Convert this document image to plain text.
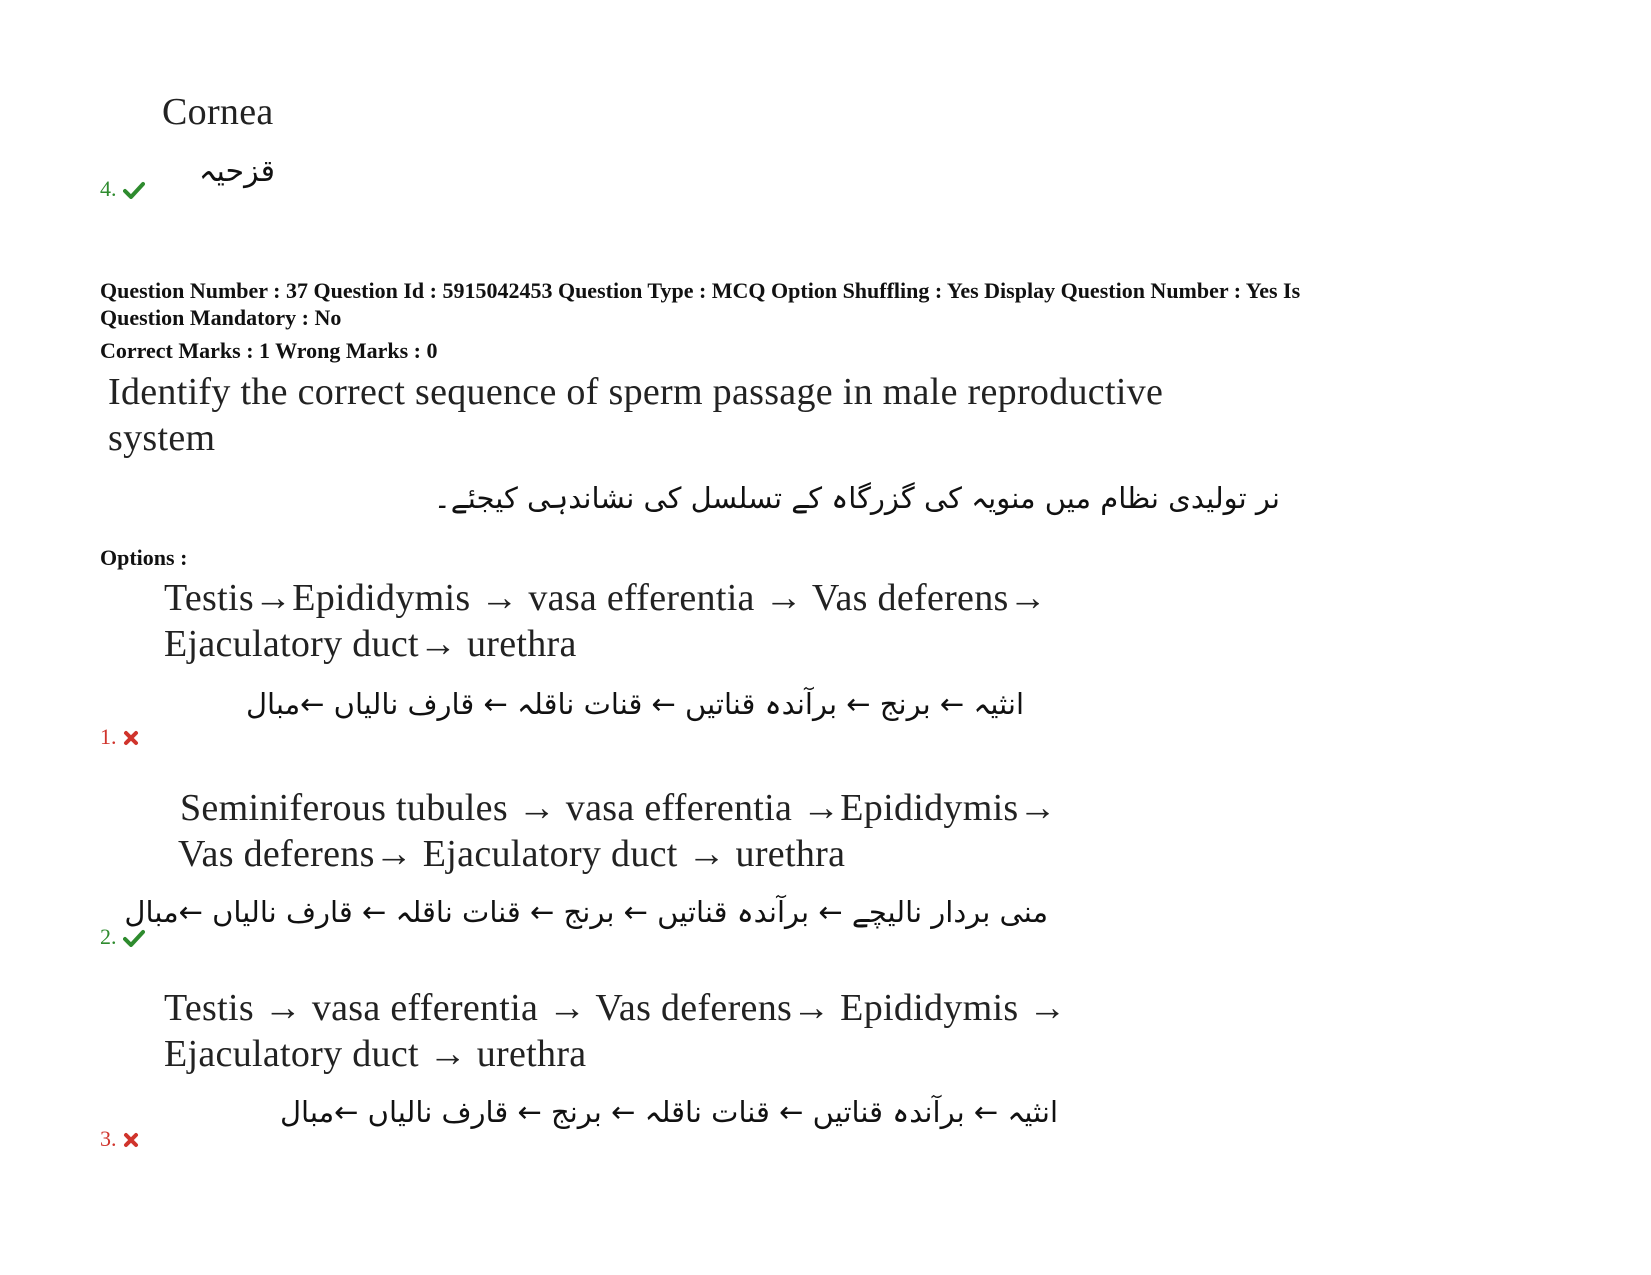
Cornea
قزحیہ
4.
Question Number : 37 Question Id : 5915042453 Question Type : MCQ Option Shuffling : Yes Display Question Number : Yes Is
Question Mandatory : No
Correct Marks : 1 Wrong Marks : 0
Identify the correct sequence of sperm passage in male reproductive
system
نر تولیدی نظام میں منویہ کی گزرگاہ کے تسلسل کی نشاندہی کیجئے۔
Options :
Testis→Epididymis → vasa efferentia → Vas deferens→
Ejaculatory duct→ urethra
انثیہ ← برنج ← برآندہ قناتیں ← قنات ناقلہ ← قارف نالیاں ←مبال
1.
Seminiferous tubules → vasa efferentia →Epididymis→
Vas deferens→ Ejaculatory duct → urethra
منی بردار نالیچے ← برآندہ قناتیں ← برنج ← قنات ناقلہ ← قارف نالیاں ←مبال
2.
Testis → vasa efferentia → Vas deferens→ Epididymis →
Ejaculatory duct → urethra
انثیہ ← برآندہ قناتیں ← قنات ناقلہ ← برنج ← قارف نالیاں ←مبال
3.
